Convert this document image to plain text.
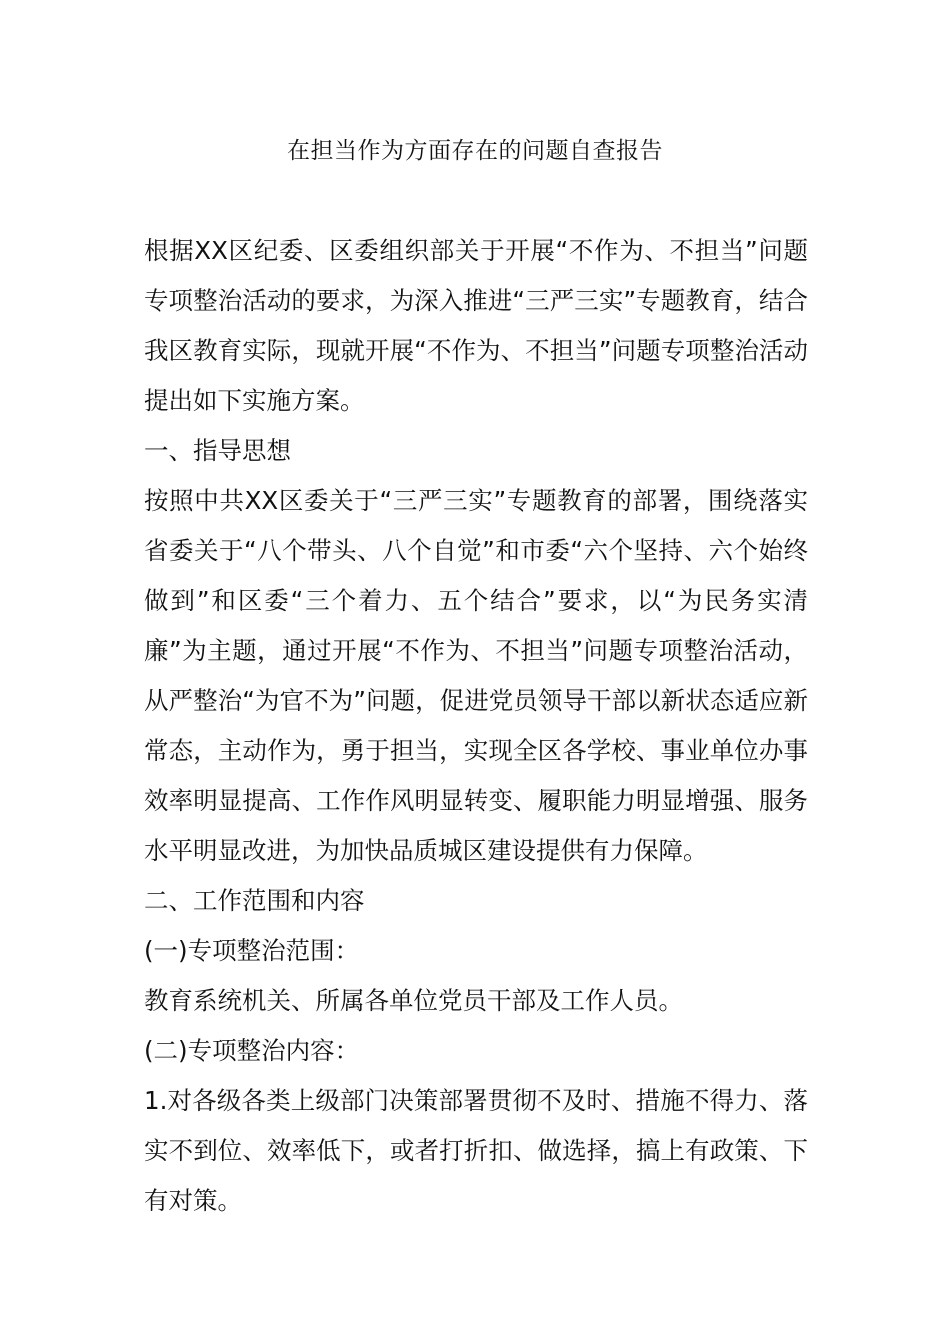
在担当作为方面存在的问题自查报告

根据XX区纪委、区委组织部关于开展“不作为、不担当”问题专项整治活动的要求，为深入推进“三严三实”专题教育，结合我区教育实际，现就开展“不作为、不担当”问题专项整治活动提出如下实施方案。

一、指导思想

按照中共XX区委关于“三严三实”专题教育的部署，围绕落实省委关于“八个带头、八个自觉”和市委“六个坚持、六个始终做到”和区委“三个着力、五个结合”要求，以“为民务实清廉”为主题，通过开展“不作为、不担当”问题专项整治活动，从严整治“为官不为”问题，促进党员领导干部以新状态适应新常态，主动作为，勇于担当，实现全区各学校、事业单位办事效率明显提高、工作作风明显转变、履职能力明显增强、服务水平明显改进，为加快品质城区建设提供有力保障。

二、工作范围和内容

(一)专项整治范围：

教育系统机关、所属各单位党员干部及工作人员。

(二)专项整治内容：

1.对各级各类上级部门决策部署贯彻不及时、措施不得力、落实不到位、效率低下，或者打折扣、做选择，搞上有政策、下有对策。
